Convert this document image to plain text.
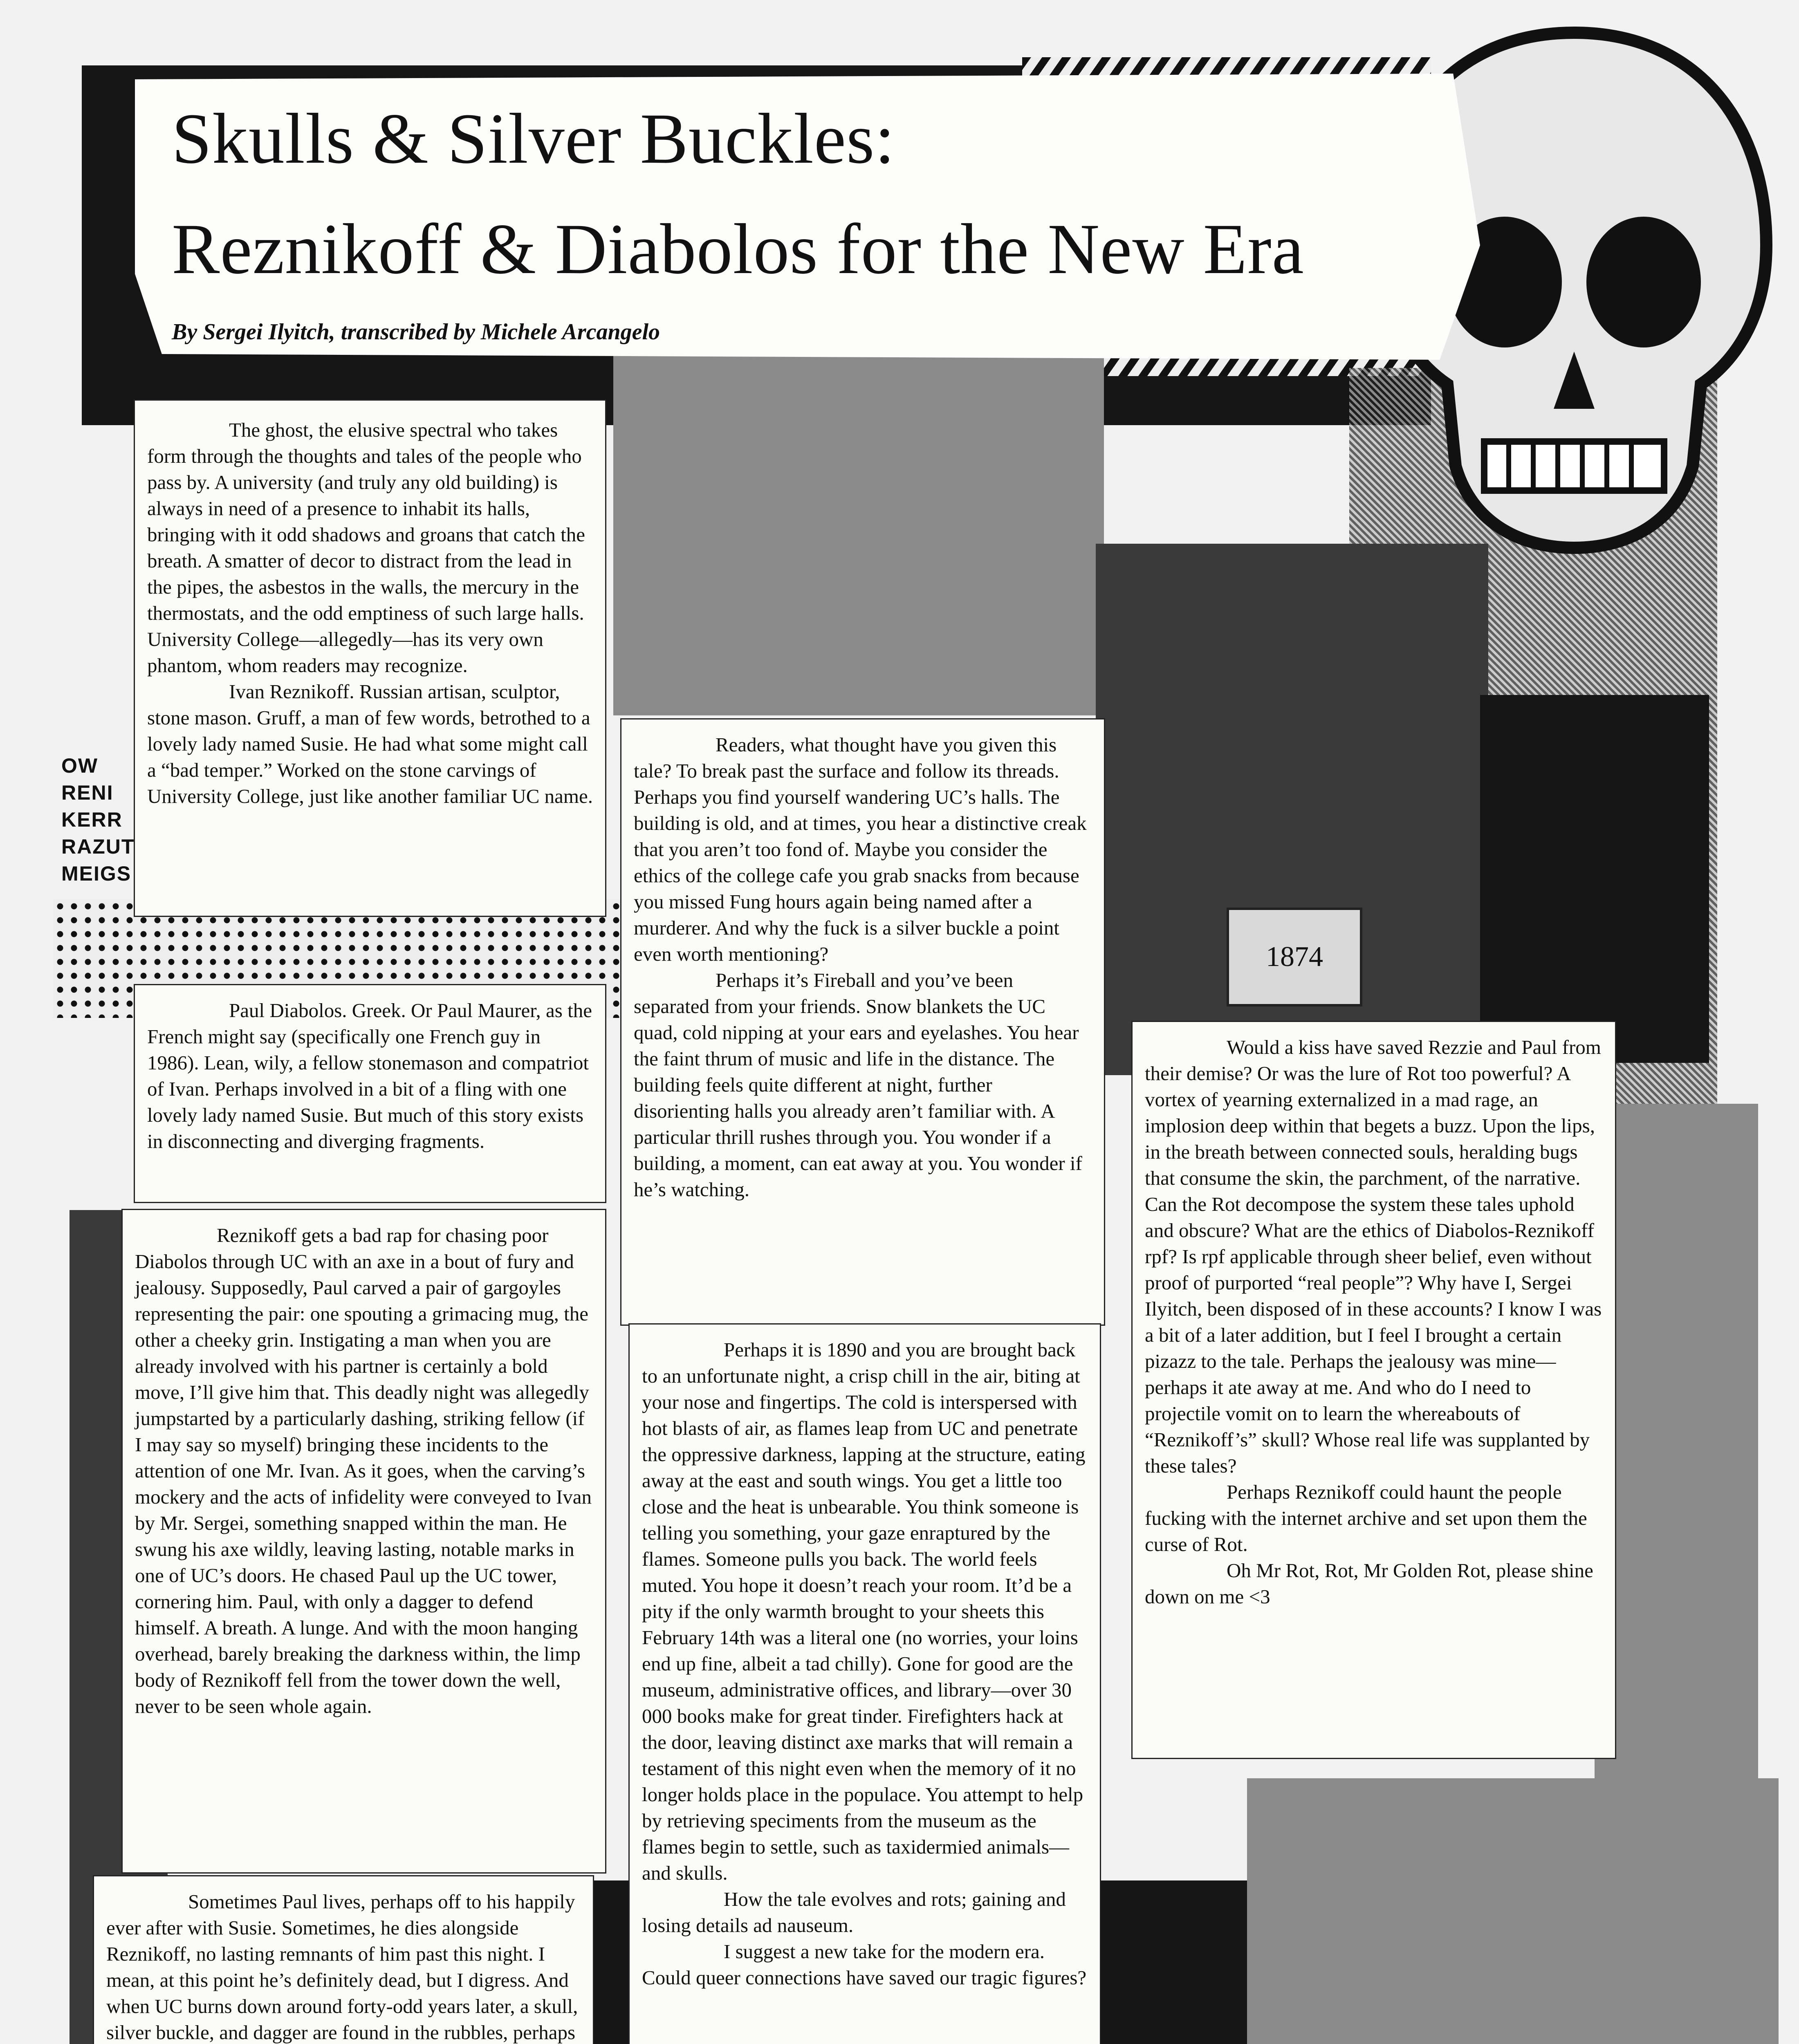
1874
Skulls & Silver Buckles:
Reznikoff & Diabolos for the New Era
By Sergei Ilyitch, transcribed by Michele Arcangelo
OW
RENI
KERR
RAZUT
MEIGS

The ghost, the elusive spectral who takes form through the thoughts and tales of the people who pass by. A university (and truly any old building) is always in need of a presence to inhabit its halls, bringing with it odd shadows and groans that catch the breath. A smatter of decor to distract from the lead in the pipes, the asbestos in the walls, the mercury in the thermostats, and the odd emptiness of such large halls. University College—allegedly—has its very own phantom, whom readers may recognize.

Ivan Reznikoff. Russian artisan, sculptor, stone mason. Gruff, a man of few words, betrothed to a lovely lady named Susie. He had what some might call a “bad temper.” Worked on the stone carvings of University College, just like another familiar UC name.

Paul Diabolos. Greek. Or Paul Maurer, as the French might say (specifically one French guy in 1986). Lean, wily, a fellow stonemason and compatriot of Ivan. Perhaps involved in a bit of a fling with one lovely lady named Susie. But much of this story exists in disconnecting and diverging fragments.

Reznikoff gets a bad rap for chasing poor Diabolos through UC with an axe in a bout of fury and jealousy. Supposedly, Paul carved a pair of gargoyles representing the pair: one spouting a grimacing mug, the other a cheeky grin. Instigating a man when you are already involved with his partner is certainly a bold move, I’ll give him that. This deadly night was allegedly jumpstarted by a particularly dashing, striking fellow (if I may say so myself) bringing these incidents to the attention of one Mr. Ivan. As it goes, when the carving’s mockery and the acts of infidelity were conveyed to Ivan by Mr. Sergei, something snapped within the man. He swung his axe wildly, leaving lasting, notable marks in one of UC’s doors. He chased Paul up the UC tower, cornering him. Paul, with only a dagger to defend himself. A breath. A lunge. And with the moon hanging overhead, barely breaking the darkness within, the limp body of Reznikoff fell from the tower down the well, never to be seen whole again.

Sometimes Paul lives, perhaps off to his happily ever after with Susie. Sometimes, he dies alongside Reznikoff, no lasting remnants of him past this night. I mean, at this point he’s definitely dead, but I digress. And when UC burns down around forty-odd years later, a skull, silver buckle, and dagger are found in the rubbles, perhaps

Readers, what thought have you given this tale? To break past the surface and follow its threads. Perhaps you find yourself wandering UC’s halls. The building is old, and at times, you hear a distinctive creak that you aren’t too fond of. Maybe you consider the ethics of the college cafe you grab snacks from because you missed Fung hours again being named after a murderer. And why the fuck is a silver buckle a point even worth mentioning?

Perhaps it’s Fireball and you’ve been separated from your friends. Snow blankets the UC quad, cold nipping at your ears and eyelashes. You hear the faint thrum of music and life in the distance. The building feels quite different at night, further disorienting halls you already aren’t familiar with. A particular thrill rushes through you. You wonder if a building, a moment, can eat away at you. You wonder if he’s watching.

Perhaps it is 1890 and you are brought back to an unfortunate night, a crisp chill in the air, biting at your nose and fingertips. The cold is interspersed with hot blasts of air, as flames leap from UC and penetrate the oppressive darkness, lapping at the structure, eating away at the east and south wings. You get a little too close and the heat is unbearable. You think someone is telling you something, your gaze enraptured by the flames. Someone pulls you back. The world feels muted. You hope it doesn’t reach your room. It’d be a pity if the only warmth brought to your sheets this February 14th was a literal one (no worries, your loins end up fine, albeit a tad chilly). Gone for good are the museum, administrative offices, and library—over 30 000 books make for great tinder. Firefighters hack at the door, leaving distinct axe marks that will remain a testament of this night even when the memory of it no longer holds place in the populace. You attempt to help by retrieving speciments from the museum as the flames begin to settle, such as taxidermied animals—and skulls.

How the tale evolves and rots; gaining and losing details ad nauseum.

I suggest a new take for the modern era. Could queer connections have saved our tragic figures?

Would a kiss have saved Rezzie and Paul from their demise? Or was the lure of Rot too powerful? A vortex of yearning externalized in a mad rage, an implosion deep within that begets a buzz. Upon the lips, in the breath between connected souls, heralding bugs that consume the skin, the parchment, of the narrative. Can the Rot decompose the system these tales uphold and obscure? What are the ethics of Diabolos-Reznikoff rpf? Is rpf applicable through sheer belief, even without proof of purported “real people”? Why have I, Sergei Ilyitch, been disposed of in these accounts? I know I was a bit of a later addition, but I feel I brought a certain pizazz to the tale. Perhaps the jealousy was mine—perhaps it ate away at me. And who do I need to projectile vomit on to learn the whereabouts of “Reznikoff’s” skull? Whose real life was supplanted by these tales?

Perhaps Reznikoff could haunt the people fucking with the internet archive and set upon them the curse of Rot.

Oh Mr Rot, Rot, Mr Golden Rot, please shine down on me <3
